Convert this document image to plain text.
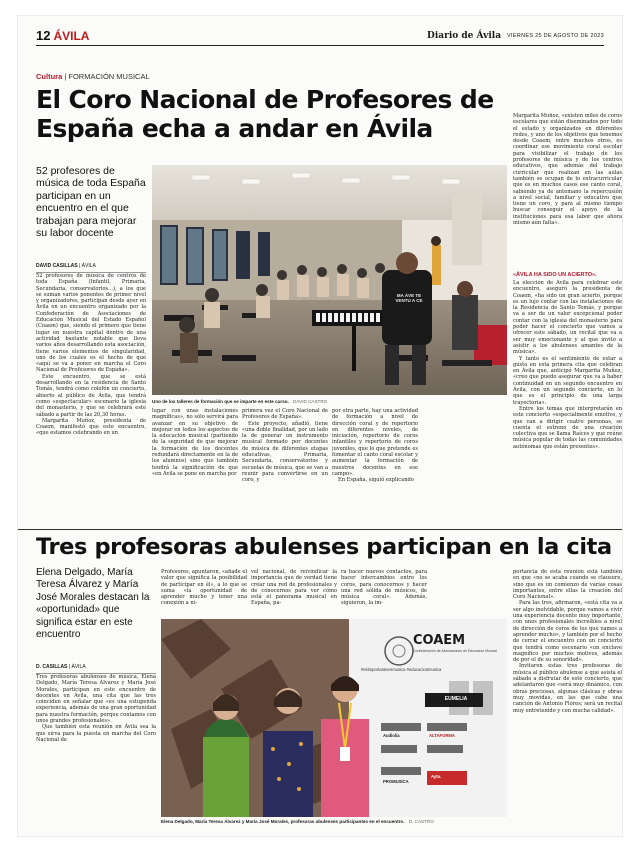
12 ÁVILA	Diario de Ávila VIERNES 25 DE AGOSTO DE 2023
Cultura | FORMACIÓN MUSICAL
El Coro Nacional de Profesores de España echa a andar en Ávila
52 profesores de música de toda España participan en un encuentro en el que trabajan para mejorar su labor docente
DAVID CASILLAS | ÁVILA

52 profesores de música de centros de toda España (Infantil, Primaria, Secundaria, conservatorios...), a los que se suman varios ponentes de primer nivel y organizadores, participan desde ayer en Ávila en un encuentro organizado por la Confederación de Asociaciones de Educación Musical del Estado Español (Coaem) que, siendo el primero que tiene lugar en nuestra capital dentro de una actividad bastante notable que lleva varios años desarrollando esta asociación, tiene varios elementos de singularidad, uno de los cuales es el hecho de que «aquí se va a poner en marcha el Coro Nacional de Profesores de España».

Este encuentro, que se está desarrollando en la residencia de Santo Tomás, tendrá como colofón un concierto, abierto al público de Ávila, que tendrá como «espectacular» escenario la iglesia del monasterio, y que se celebrará este sábado a partir de las 20,30 horas.

Margarita Muñoz, presidenta de Coaem, manifestó que este encuentro, «que estamos celebrando en un

MA ÁVE TE VENTU A CE
Uno de los talleres de formación que se imparte en este curso. DAVID CASTRO

lugar con unas instalaciones magníficas», no sólo servirá para avanzar en su objetivo de mejorar en todos los aspectos de la educación musical (partiendo de la seguridad de que mejorar la formación de los docentes redundará directamente en la de los alumnos) sino que también tendrá la significación de que «en Ávila se pone en marcha por

primera vez el Coro Nacional de Profesores de España».

Este proyecto, añadió, tiene «una doble finalidad, por un lado la de generar un instrumento musical formado por docentes de música de diferentes etapas educativas, Primaria, Secundaria, conservatorios y escuelas de música, que se van a reunir para convertirse en un coro, y

por otra parte, hay una actividad de formación a nivel de dirección coral y de repertorio en diferentes niveles, de iniciación, repertorio de coros infantiles y repertorio de coros juveniles, que lo que pretende es fomentar el canto coral escolar y aumentar la formación de nuestros docentes en ese campo».

En España, siguió explicando

Margarita Muñoz, «existen miles de coros escolares que están diseminados por todo el estado y organizados en diferentes redes, y uno de los objetivos que tenemos desde Coaem, entre muchos otros, es coordinar ese movimiento coral escolar para visibilizar el trabajo de los profesores de música y de los centros educativos, que además del trabajo curricular que realizan en las aulas también se ocupan de lo extracurricular que es en muchos casos ese canto coral, sabiendo ya de antemano la repercusión a nivel social, familiar y educativo que tiene un coro, y para al mismo tiempo buscar conseguir el apoyo de la instituciones para esa labor que ahora mismo aún falta».

«ÁVILA HA SIDO UN ACIERTO».

La elección de Ávila para celebrar este encuentro, aseguró la presidenta de Coaem, «ha sido un gran acierto, porque es un lujo contar con las instalaciones de la Residencia de Santo Tomás, y porque va a ser de un valor excepcional poder contar con la iglesia del monasterio para poder hacer el concierto que vamos a ofrecer este sábado, un recital que va a ser muy emocionante y al que invito a asistir a los abulenses amantes de la música».

Y tanto es el sentimiento de estar a gusto en esta primera cita que celebran en Ávila que, anticipó Margarita Muñoz, «creo que puedo asegurar que va a haber continuidad en un segundo encuentro en Ávila, con un segundo concierto, en lo que es el principio de una larga trayectoria».

Entre los temas que interpretarán en este concierto «especialmente emotivo, y que van a dirigir cuatro personas, se cuenta el estreno de una creación colectiva que se llama Raíces y que reúne música popular de todas las comunidades autónomas que están presentes».

Tres profesoras abulenses participan en la cita
Elena Delgado, María Teresa Álvarez y María José Morales destacan la «oportunidad» que significa estar en este encuentro
D. CASILLAS | ÁVILA

Tres profesoras abulenses de música, Elena Delgado, María Teresa Álvarez y María José Morales, participan en este encuentro de docentes en Ávila, una cita que las tres coinciden en señalar que «es una estupenda experiencia, además de una gran oportunidad para nuestra formación, porque contamos con unos grandes profesionales».

Que también esta reunión en Ávila sea la que sirva para la puesta en marcha del Coro Nacional de

Profesores, apuntaron, «añade el valor que significa la posibilidad de participar en él», a lo que se suma «la oportunidad de aprender mucho y tener una conexión a ni-

vel nacional, de reivindicar la importancia que de verdad tiene crear una red de profesionales y de conocernos para ver cómo está el panorama musical en España, pa-

ra hacer nuevos contactos, para hacer intercambios entre los coros, para conocernos y hacer una red sólida de músicos, de música coral». Además, siguieron, la im-

portancia de esta reunión está también en que «no se acaba cuando se clausure, sino que es un comienzo de varias cosas importantes, entre ellas la creación del Coro Nacional».

Para las tres, afirmaron, «está cita va a ser algo inolvidable, porque vamos a vivir una experiencia docente muy importante, con unos profesionales increíbles a nivel de dirección de coros de los que vamos a aprender mucho», y también por el hecho de cerrar el encuentro con un concierto que tendrá como escenario «un enclave magnífico por muchos motivos, además de por el de su sonoridad».

Invitaron estas tres profesoras de música al público abulense a que asista el sábado a disfrutar de este concierto, que adelantaron que «será muy dinámico, con obras preciosas, algunas clásicas y obras muy movidas, en las que cabe una canción de Antonio Flores; será un recital muy entretenido y con mucha calidad».

COAEM
Confederación de Asociaciones de Educación Musical
#esimportanteenmusica #educacionmusica
EUMELIA
Audiolia	ALTAFORMA
PROMUSICA
Ayto.
Elena Delgado, María Teresa Álvarez y María José Morales, profesoras abulenses participantes en el encuentro. D. CASTRO
